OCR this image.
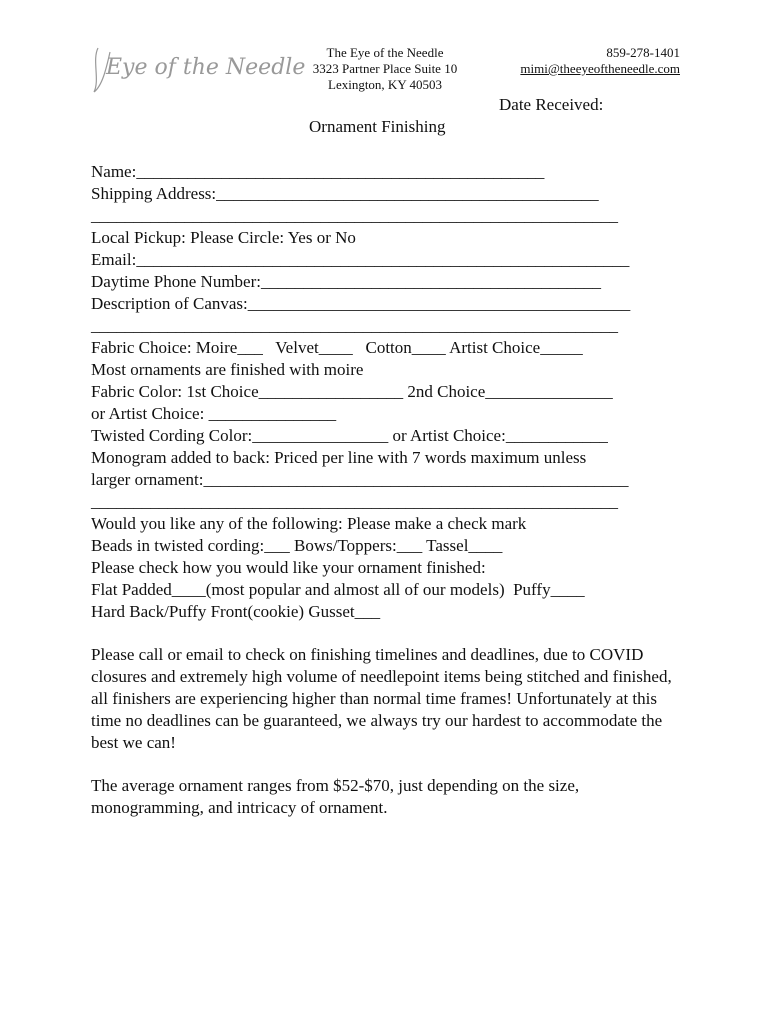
Eye of the Needle
The Eye of the Needle
3323 Partner Place Suite 10
Lexington, KY 40503
859-278-1401
mimi@theeyeoftheneedle.com
Date Received:
Ornament Finishing
Name:________________________________________________
Shipping Address:_____________________________________________
______________________________________________________________
Local Pickup: Please Circle: Yes or No
Email:__________________________________________________________
Daytime Phone Number:________________________________________
Description of Canvas:_____________________________________________
______________________________________________________________
Fabric Choice: Moire___   Velvet____   Cotton____ Artist Choice_____
Most ornaments are finished with moire
Fabric Color: 1st Choice_________________ 2nd Choice_______________
or Artist Choice: _______________
Twisted Cording Color:________________ or Artist Choice:____________
Monogram added to back: Priced per line with 7 words maximum unless
larger ornament:__________________________________________________
______________________________________________________________
Would you like any of the following: Please make a check mark
Beads in twisted cording:___ Bows/Toppers:___ Tassel____
Please check how you would like your ornament finished:
Flat Padded____(most popular and almost all of our models)  Puffy____
Hard Back/Puffy Front(cookie) Gusset___
Please call or email to check on finishing timelines and deadlines, due to COVID closures and extremely high volume of needlepoint items being stitched and finished, all finishers are experiencing higher than normal time frames! Unfortunately at this time no deadlines can be guaranteed, we always try our hardest to accommodate the best we can!
The average ornament ranges from $52-$70, just depending on the size, monogramming, and intricacy of ornament.
